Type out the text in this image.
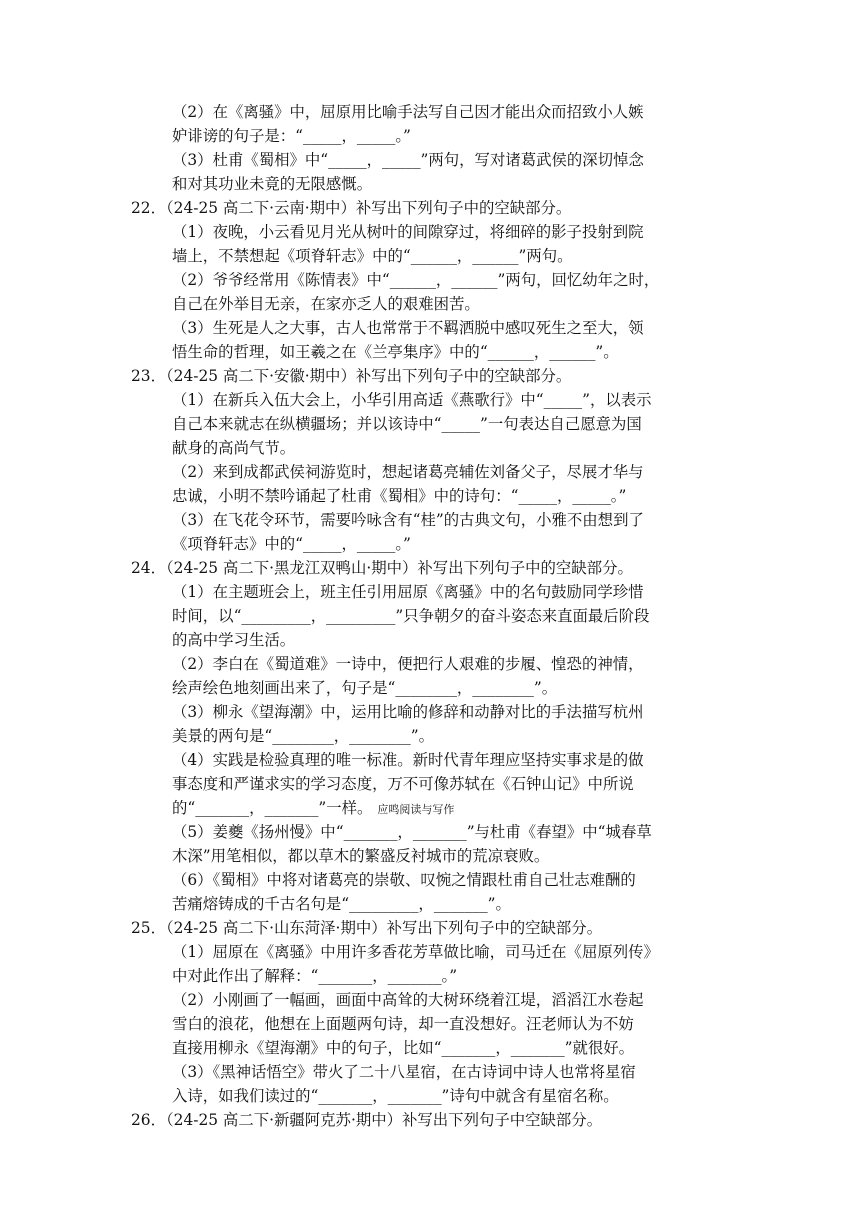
（2）在《离骚》中，屈原用比喻手法写自己因才能出众而招致小人嫉
妒诽谤的句子是：“_____，_____。”
（3）杜甫《蜀相》中“_____，_____”两句，写对诸葛武侯的深切悼念
和对其功业未竟的无限感慨。
22．（24-25 高二下·云南·期中）补写出下列句子中的空缺部分。
（1）夜晚，小云看见月光从树叶的间隙穿过，将细碎的影子投射到院
墙上，不禁想起《项脊轩志》中的“______，______”两句。
（2）爷爷经常用《陈情表》中“______，______”两句，回忆幼年之时，
自己在外举目无亲，在家亦乏人的艰难困苦。
（3）生死是人之大事，古人也常常于不羁洒脱中感叹死生之至大，领
悟生命的哲理，如王羲之在《兰亭集序》中的“______，______”。
23．（24-25 高二下·安徽·期中）补写出下列句子中的空缺部分。
（1）在新兵入伍大会上，小华引用高适《燕歌行》中“_____”，以表示
自己本来就志在纵横疆场；并以该诗中“_____”一句表达自己愿意为国
献身的高尚气节。
（2）来到成都武侯祠游览时，想起诸葛亮辅佐刘备父子，尽展才华与
忠诚，小明不禁吟诵起了杜甫《蜀相》中的诗句：“_____，_____。”
（3）在飞花令环节，需要吟咏含有“桂”的古典文句，小雅不由想到了
《项脊轩志》中的“_____，_____。”
24．（24-25 高二下·黑龙江双鸭山·期中）补写出下列句子中的空缺部分。
（1）在主题班会上，班主任引用屈原《离骚》中的名句鼓励同学珍惜
时间，以“_________，_________”只争朝夕的奋斗姿态来直面最后阶段
的高中学习生活。
（2）李白在《蜀道难》一诗中，便把行人艰难的步履、惶恐的神情，
绘声绘色地刻画出来了，句子是“________，________”。
（3）柳永《望海潮》中，运用比喻的修辞和动静对比的手法描写杭州
美景的两句是“________，________”。
（4）实践是检验真理的唯一标准。新时代青年理应坚持实事求是的做
事态度和严谨求实的学习态度，万不可像苏轼在《石钟山记》中所说
的“_______，_______”一样。 应鸣阅读与写作
（5）姜夔《扬州慢》中“_______，_______”与杜甫《春望》中“城春草
木深”用笔相似，都以草木的繁盛反衬城市的荒凉衰败。
（6）《蜀相》中将对诸葛亮的崇敬、叹惋之情跟杜甫自己壮志难酬的
苦痛熔铸成的千古名句是“_________，_______”。
25．（24-25 高二下·山东菏泽·期中）补写出下列句子中的空缺部分。
（1）屈原在《离骚》中用许多香花芳草做比喻，司马迁在《屈原列传》
中对此作出了解释：“_______，_______。”
（2）小刚画了一幅画，画面中高耸的大树环绕着江堤，滔滔江水卷起
雪白的浪花，他想在上面题两句诗，却一直没想好。汪老师认为不妨
直接用柳永《望海潮》中的句子，比如“_______，_______”就很好。
（3）《黑神话悟空》带火了二十八星宿，在古诗词中诗人也常将星宿
入诗，如我们读过的“_______，_______”诗句中就含有星宿名称。
26．（24-25 高二下·新疆阿克苏·期中）补写出下列句子中空缺部分。
